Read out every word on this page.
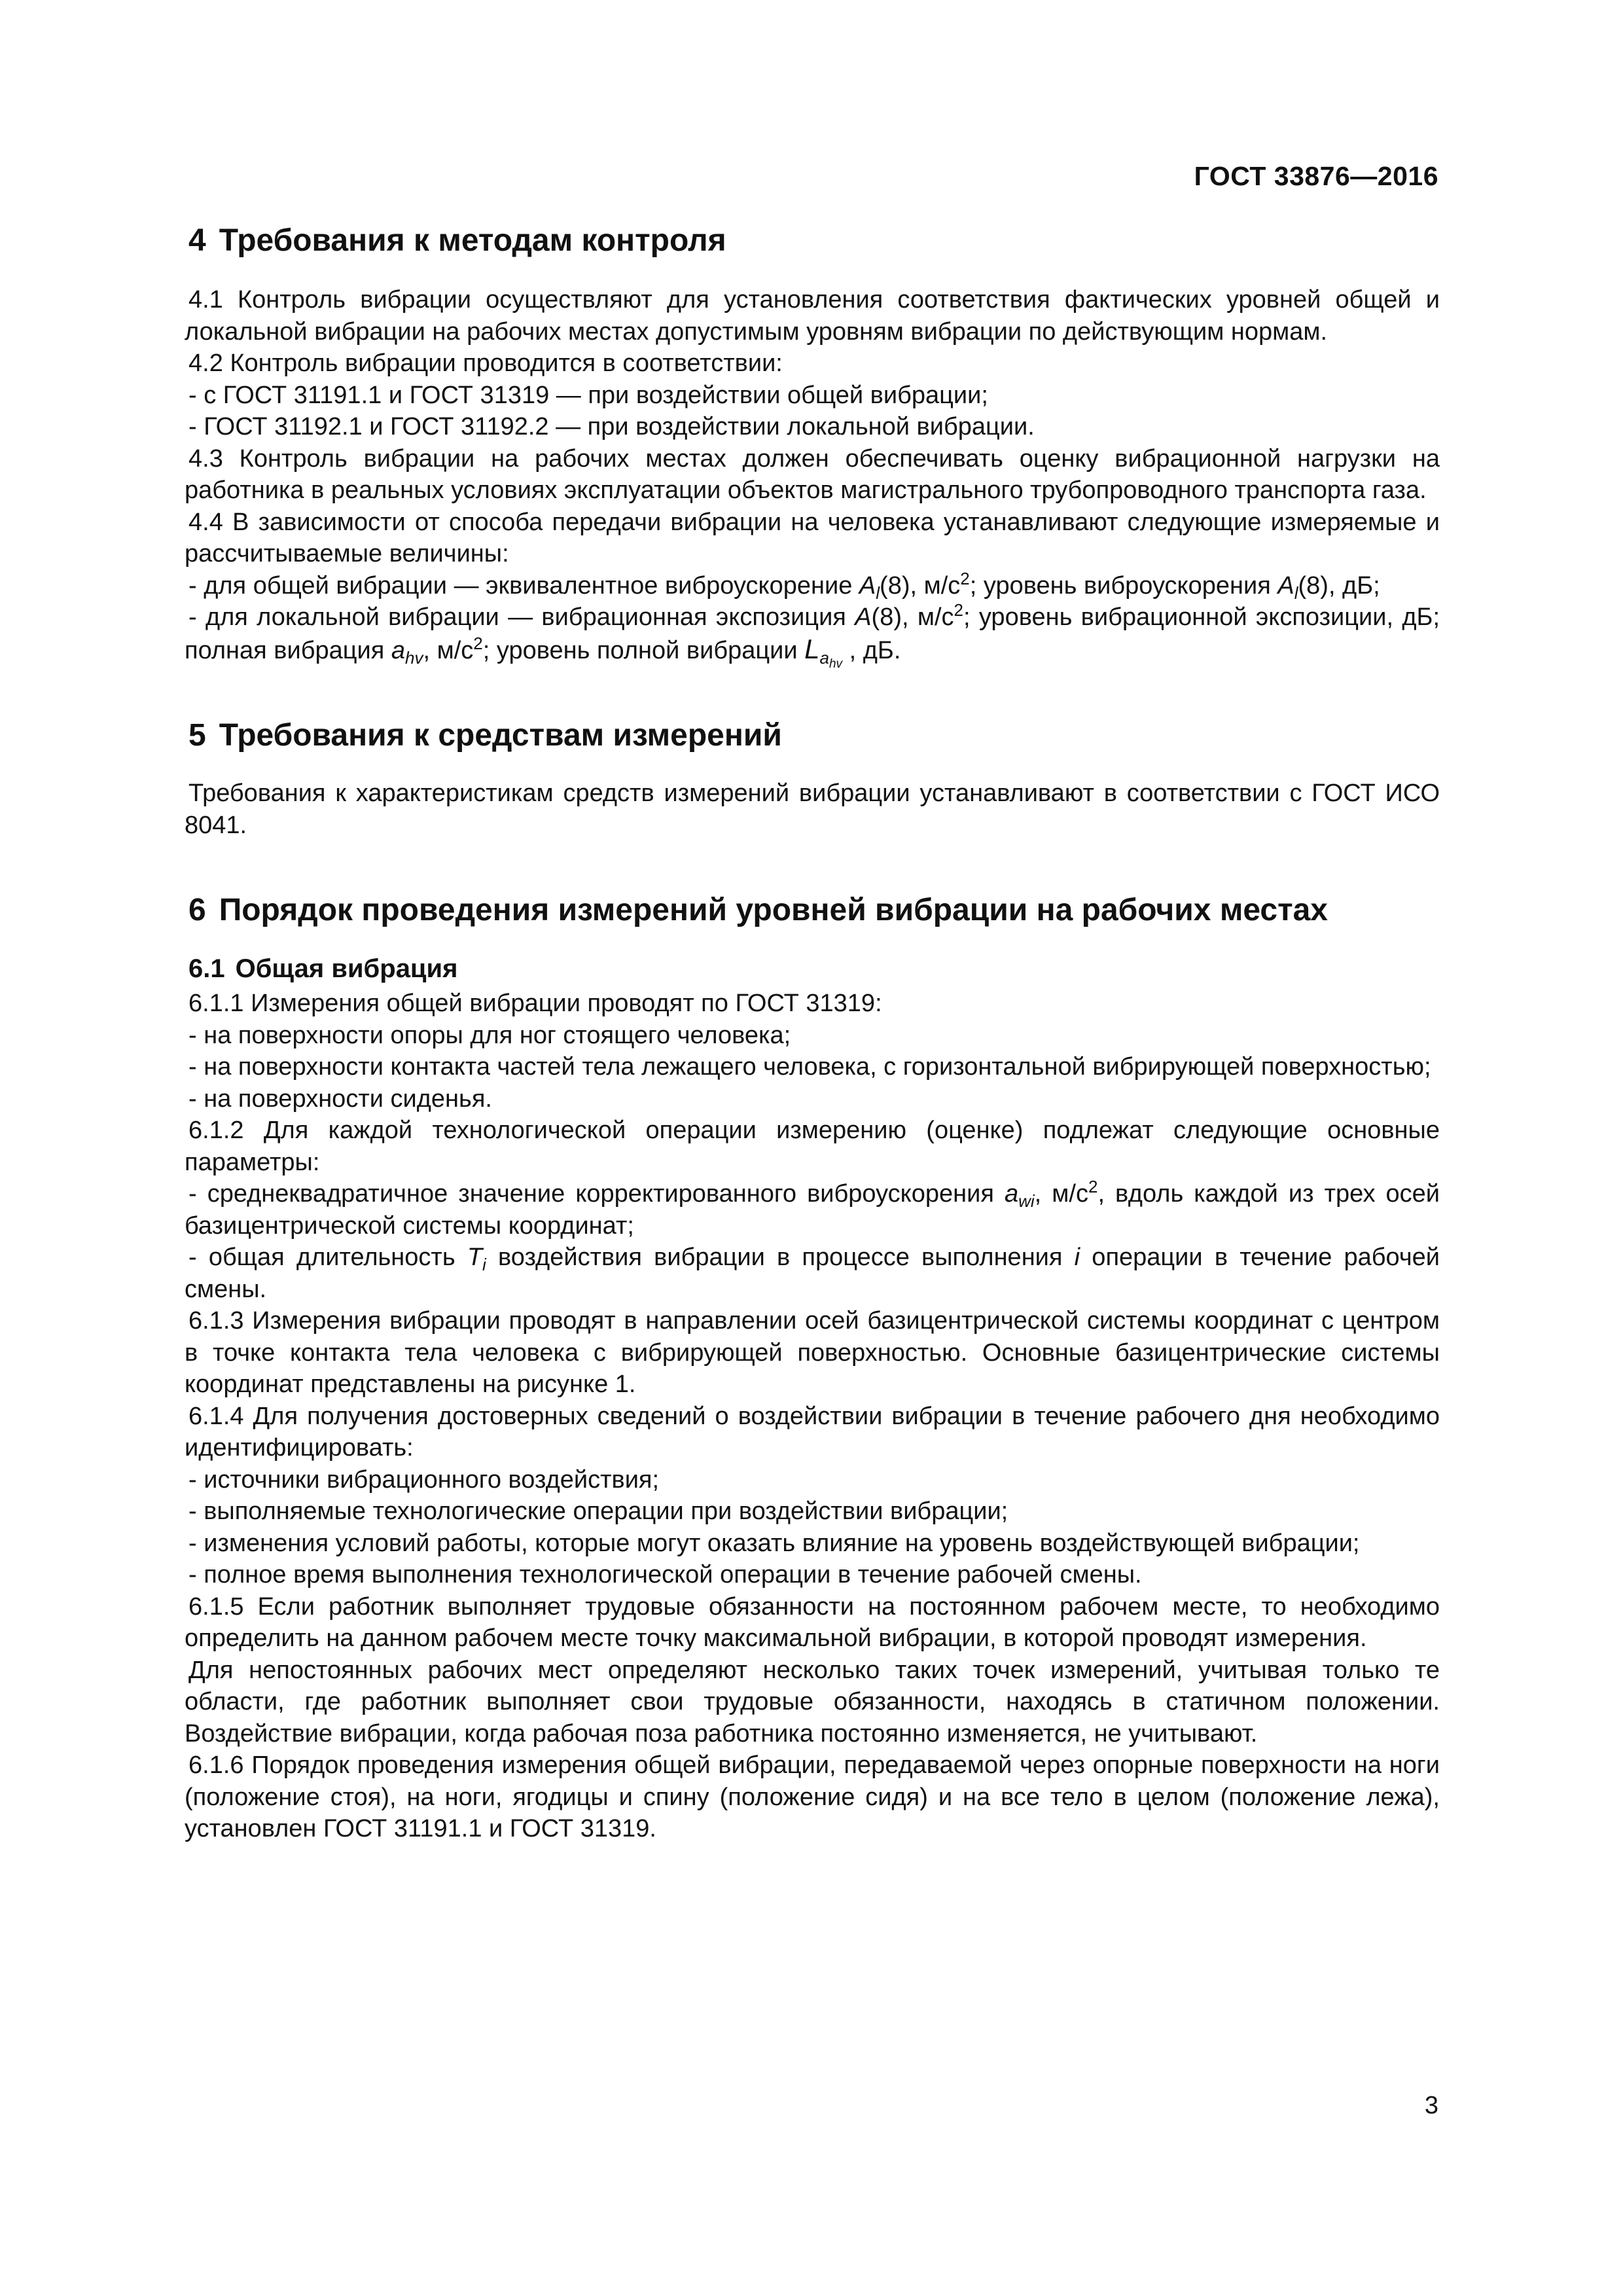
ГОСТ 33876—2016
4 Требования к методам контроля

4.1 Контроль вибрации осуществляют для установления соответствия фактических уровней общей и локальной вибрации на рабочих местах допустимым уровням вибрации по действующим нормам.

4.2 Контроль вибрации проводится в соответствии:

- с ГОСТ 31191.1 и ГОСТ 31319 — при воздействии общей вибрации;

- ГОСТ 31192.1 и ГОСТ 31192.2 — при воздействии локальной вибрации.

4.3 Контроль вибрации на рабочих местах должен обеспечивать оценку вибрационной нагрузки на работника в реальных условиях эксплуатации объектов магистрального трубопроводного транспорта газа.

4.4 В зависимости от способа передачи вибрации на человека устанавливают следующие измеряемые и рассчитываемые величины:

- для общей вибрации — эквивалентное виброускорение $A_l(8)$, $м/с^2$; уровень виброускорения $A_l(8)$, дБ;

- для локальной вибрации — вибрационная экспозиция A(8), $м/с^2$; уровень вибрационной экспозиции, дБ; полная вибрация $a_{hv}$, $м/с^2$; уровень полной вибрации $L_{a_{hv}}$ , дБ.

5 Требования к средствам измерений

Требования к характеристикам средств измерений вибрации устанавливают в соответствии с ГОСТ ИСО 8041.

6 Порядок проведения измерений уровней вибрации на рабочих местах
6.1 Общая вибрация

6.1.1 Измерения общей вибрации проводят по ГОСТ 31319:

- на поверхности опоры для ног стоящего человека;

- на поверхности контакта частей тела лежащего человека, с горизонтальной вибрирующей поверхностью;

- на поверхности сиденья.

6.1.2 Для каждой технологической операции измерению (оценке) подлежат следующие основные параметры:

- среднеквадратичное значение корректированного виброускорения $a_{wi}$, $м/с^2$, вдоль каждой из трех осей базицентрической системы координат;

- общая длительность $T_i$ воздействия вибрации в процессе выполнения i операции в течение рабочей смены.

6.1.3 Измерения вибрации проводят в направлении осей базицентрической системы координат с центром в точке контакта тела человека с вибрирующей поверхностью. Основные базицентрические системы координат представлены на рисунке 1.

6.1.4 Для получения достоверных сведений о воздействии вибрации в течение рабочего дня необходимо идентифицировать:

- источники вибрационного воздействия;

- выполняемые технологические операции при воздействии вибрации;

- изменения условий работы, которые могут оказать влияние на уровень воздействующей вибрации;

- полное время выполнения технологической операции в течение рабочей смены.

6.1.5 Если работник выполняет трудовые обязанности на постоянном рабочем месте, то необходимо определить на данном рабочем месте точку максимальной вибрации, в которой проводят измерения.

Для непостоянных рабочих мест определяют несколько таких точек измерений, учитывая только те области, где работник выполняет свои трудовые обязанности, находясь в статичном положении. Воздействие вибрации, когда рабочая поза работника постоянно изменяется, не учитывают.

6.1.6 Порядок проведения измерения общей вибрации, передаваемой через опорные поверхности на ноги (положение стоя), на ноги, ягодицы и спину (положение сидя) и на все тело в целом (положение лежа), установлен ГОСТ 31191.1 и ГОСТ 31319.

3
